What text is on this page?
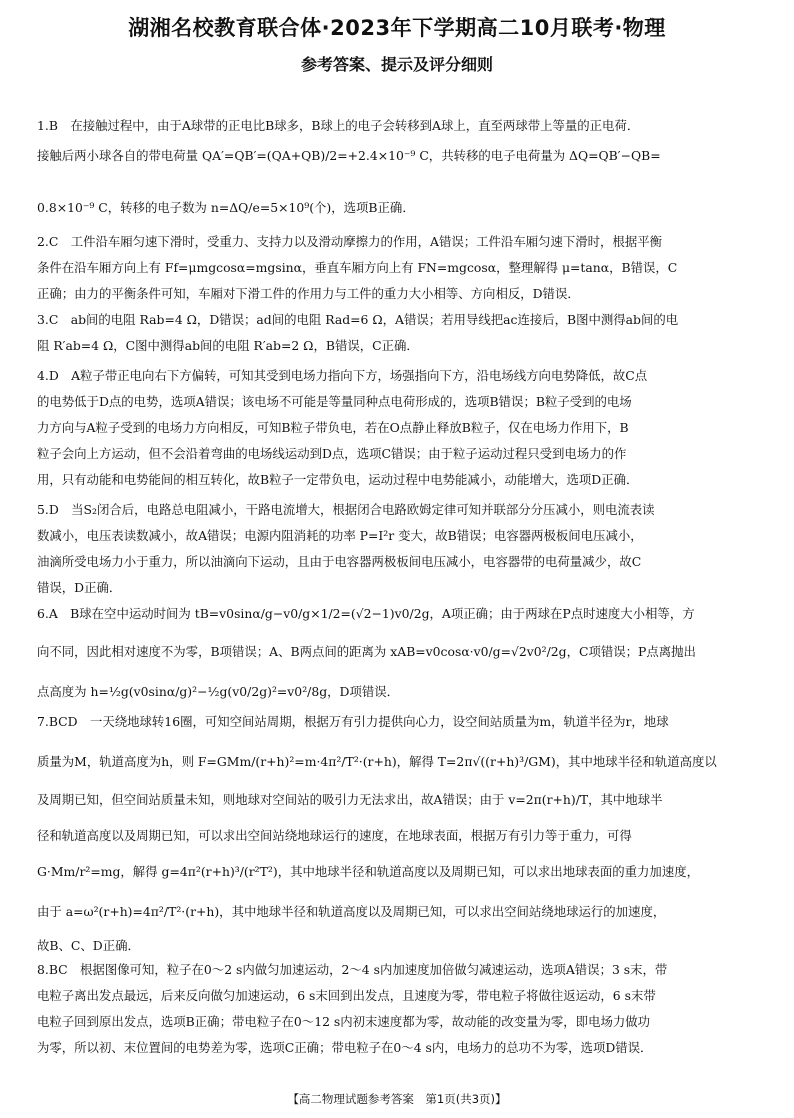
湖湘名校教育联合体·2023年下学期高二10月联考·物理
参考答案、提示及评分细则
1.B　在接触过程中，由于A球带的正电比B球多，B球上的电子会转移到A球上，直至两球带上等量的正电荷．
接触后两小球各自的带电荷量 QA′=QB′=(QA+QB)/2=+2.4×10⁻⁹ C，共转移的电子电荷量为 ΔQ=QB′−QB=
0.8×10⁻⁹ C，转移的电子数为 n=ΔQ/e=5×10⁹(个)，选项B正确．
2.C　工件沿车厢匀速下滑时，受重力、支持力以及滑动摩擦力的作用，A错误；工件沿车厢匀速下滑时，根据平衡
条件在沿车厢方向上有 Ff=μmgcosα=mgsinα，垂直车厢方向上有 FN=mgcosα，整理解得 μ=tanα，B错误，C
正确；由力的平衡条件可知，车厢对下滑工件的作用力与工件的重力大小相等、方向相反，D错误．
3.C　ab间的电阻 Rab=4 Ω，D错误；ad间的电阻 Rad=6 Ω，A错误；若用导线把ac连接后，B图中测得ab间的电
阻 R′ab=4 Ω，C图中测得ab间的电阻 R′ab=2 Ω，B错误，C正确．
4.D　A粒子带正电向右下方偏转，可知其受到电场力指向下方，场强指向下方，沿电场线方向电势降低，故C点
的电势低于D点的电势，选项A错误；该电场不可能是等量同种点电荷形成的，选项B错误；B粒子受到的电场
力方向与A粒子受到的电场力方向相反，可知B粒子带负电，若在O点静止释放B粒子，仅在电场力作用下，B
粒子会向上方运动，但不会沿着弯曲的电场线运动到D点，选项C错误；由于粒子运动过程只受到电场力的作
用，只有动能和电势能间的相互转化，故B粒子一定带负电，运动过程中电势能减小，动能增大，选项D正确．
5.D　当S₂闭合后，电路总电阻减小，干路电流增大，根据闭合电路欧姆定律可知并联部分分压减小，则电流表读
数减小，电压表读数减小，故A错误；电源内阻消耗的功率 P=I²r 变大，故B错误；电容器两极板间电压减小，
油滴所受电场力小于重力，所以油滴向下运动，且由于电容器两极板间电压减小，电容器带的电荷量减少，故C
错误，D正确．
6.A　B球在空中运动时间为 tB=v0sinα/g−v0/g×1/2=(√2−1)v0/2g，A项正确；由于两球在P点时速度大小相等，方
向不同，因此相对速度不为零，B项错误；A、B两点间的距离为 xAB=v0cosα·v0/g=√2v0²/2g，C项错误；P点离抛出
点高度为 h=½g(v0sinα/g)²−½g(v0/2g)²=v0²/8g，D项错误．
7.BCD　一天绕地球转16圈，可知空间站周期，根据万有引力提供向心力，设空间站质量为m，轨道半径为r，地球
质量为M，轨道高度为h，则 F=GMm/(r+h)²=m·4π²/T²·(r+h)，解得 T=2π√((r+h)³/GM)，其中地球半径和轨道高度以
及周期已知，但空间站质量未知，则地球对空间站的吸引力无法求出，故A错误；由于 v=2π(r+h)/T，其中地球半
径和轨道高度以及周期已知，可以求出空间站绕地球运行的速度，在地球表面，根据万有引力等于重力，可得
G·Mm/r²=mg，解得 g=4π²(r+h)³/(r²T²)，其中地球半径和轨道高度以及周期已知，可以求出地球表面的重力加速度，
由于 a=ω²(r+h)=4π²/T²·(r+h)，其中地球半径和轨道高度以及周期已知，可以求出空间站绕地球运行的加速度，
故B、C、D正确．
8.BC　根据图像可知，粒子在0～2 s内做匀加速运动，2～4 s内加速度加倍做匀减速运动，选项A错误；3 s末，带
电粒子离出发点最远，后来反向做匀加速运动，6 s末回到出发点，且速度为零，带电粒子将做往返运动，6 s末带
电粒子回到原出发点，选项B正确；带电粒子在0～12 s内初末速度都为零，故动能的改变量为零，即电场力做功
为零，所以初、末位置间的电势差为零，选项C正确；带电粒子在0～4 s内，电场力的总功不为零，选项D错误．
【高二物理试题参考答案　第1页(共3页)】
